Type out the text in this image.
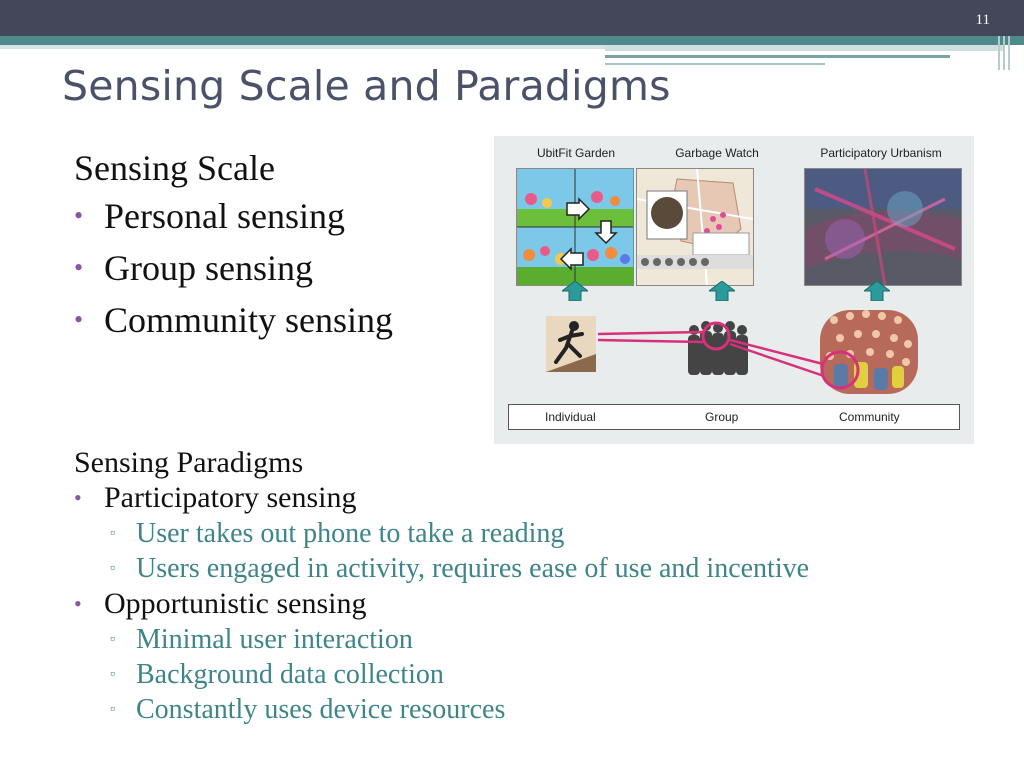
11
Sensing Scale and Paradigms
Sensing Scale
• Personal sensing
• Group sensing
• Community sensing
UbitFit Garden	Garbage Watch	Participatory Urbanism
Individual	Group	Community
Sensing Paradigms
• Participatory sensing
▫ User takes out phone to take a reading
▫ Users engaged in activity, requires ease of use and incentive
• Opportunistic sensing
▫ Minimal user interaction
▫ Background data collection
▫ Constantly uses device resources
